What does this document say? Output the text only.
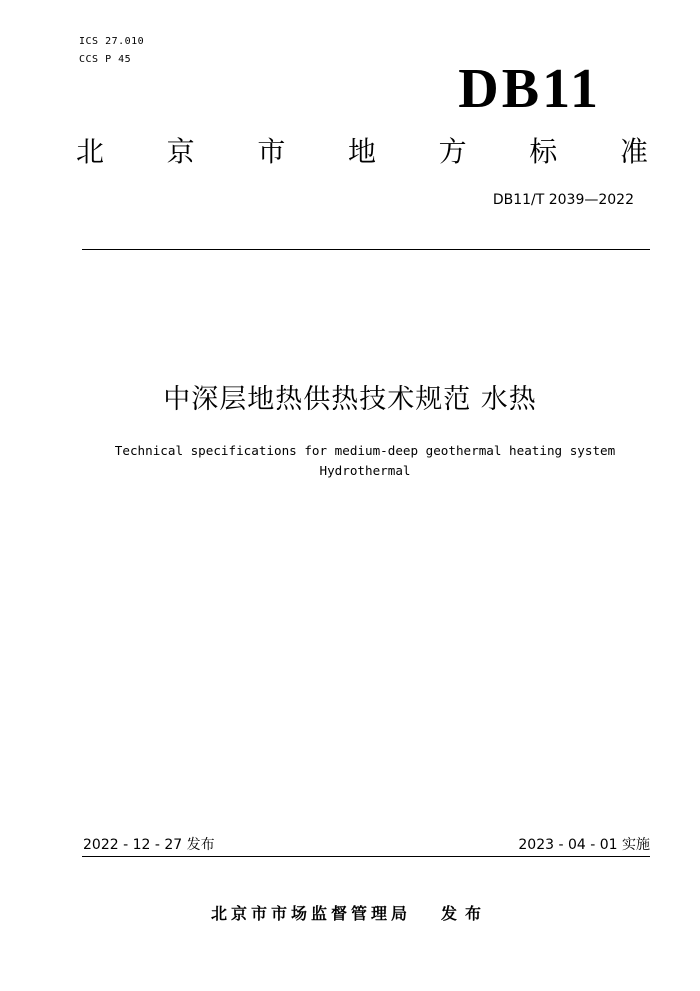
ICS 27.010
CCS P 45	DB11
北 京 市 地 方 标 准
DB11/T 2039—2022
中深层地热供热技术规范 水热
Technical specifications for medium-deep geothermal heating system
Hydrothermal
2022 - 12 - 27 发布	2023 - 04 - 01 实施
北京市市场监督管理局 发布
